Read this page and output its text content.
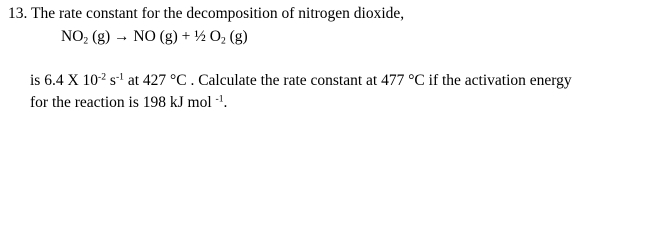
13. The rate constant for the decomposition of nitrogen dioxide,
$NO_2$ (g) → NO (g) + ½ $O_2$ (g)
is 6.4 X $10^{-2}$ $s^{-1}$ at 427 °C . Calculate the rate constant at 477 °C if the activation energy
for the reaction is 198 kJ mol $^{-1}$.
